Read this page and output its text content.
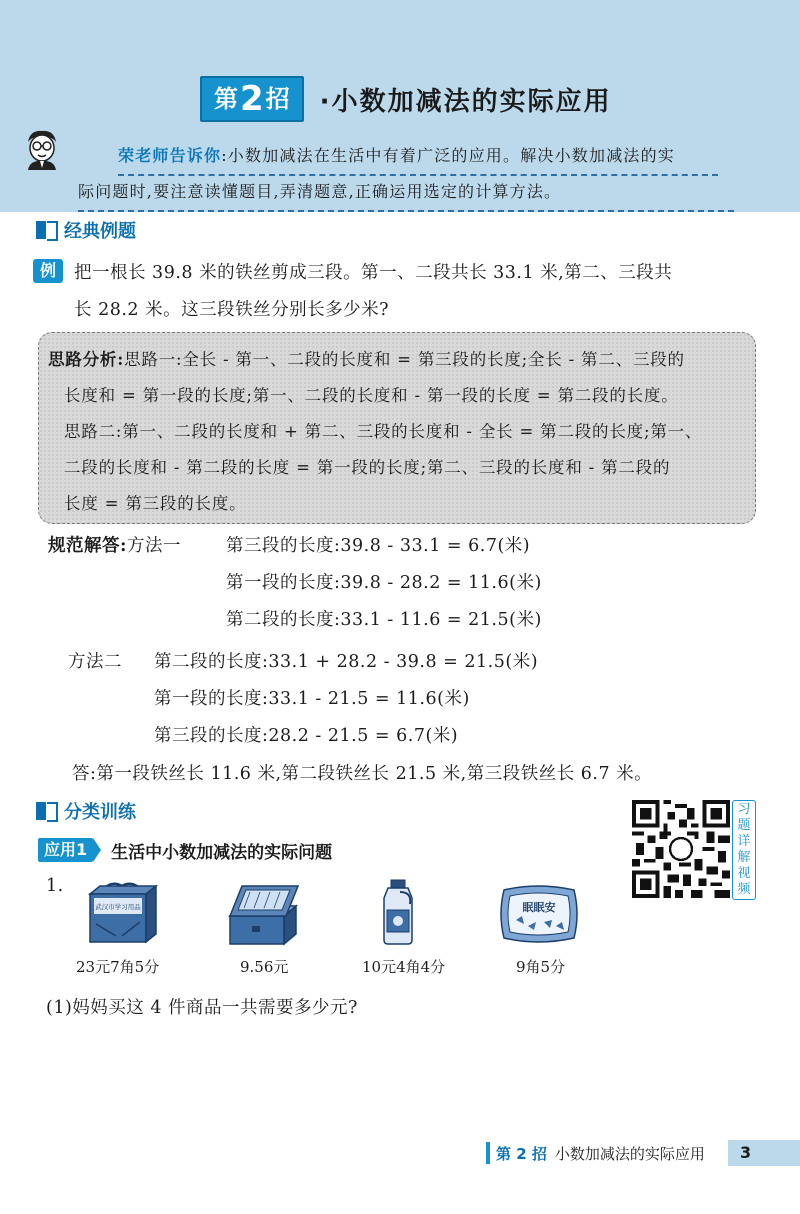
第 2 招 ·小数加减法的实际应用
荣老师告诉你:小数加减法在生活中有着广泛的应用。解决小数加减法的实
际问题时,要注意读懂题目,弄清题意,正确运用选定的计算方法。
经典例题
例	把一根长 39.8 米的铁丝剪成三段。第一、二段共长 33.1 米,第二、三段共
长 28.2 米。这三段铁丝分别长多少米?
思路分析:思路一:全长 - 第一、二段的长度和 = 第三段的长度;全长 - 第二、三段的
长度和 = 第一段的长度;第一、二段的长度和 - 第一段的长度 = 第二段的长度。
思路二:第一、二段的长度和 + 第二、三段的长度和 - 全长 = 第二段的长度;第一、
二段的长度和 - 第二段的长度 = 第一段的长度;第二、三段的长度和 - 第二段的
长度 = 第三段的长度。
规范解答:方法一	第三段的长度:39.8 - 33.1 = 6.7(米)
第一段的长度:39.8 - 28.2 = 11.6(米)
第二段的长度:33.1 - 11.6 = 21.5(米)
方法二 第二段的长度:33.1 + 28.2 - 39.8 = 21.5(米)
第一段的长度:33.1 - 21.5 = 11.6(米)
第三段的长度:28.2 - 21.5 = 6.7(米)
答:第一段铁丝长 11.6 米,第二段铁丝长 21.5 米,第三段铁丝长 6.7 米。
分类训练
应用1	生活中小数加减法的实际问题
习
题
详
解
视
频
1.
武汉市学习用品	眠眠安
23元7角5分	9.56元	10元4角4分	9角5分
(1)妈妈买这 4 件商品一共需要多少元?
第 2 招 小数加减法的实际应用	3
